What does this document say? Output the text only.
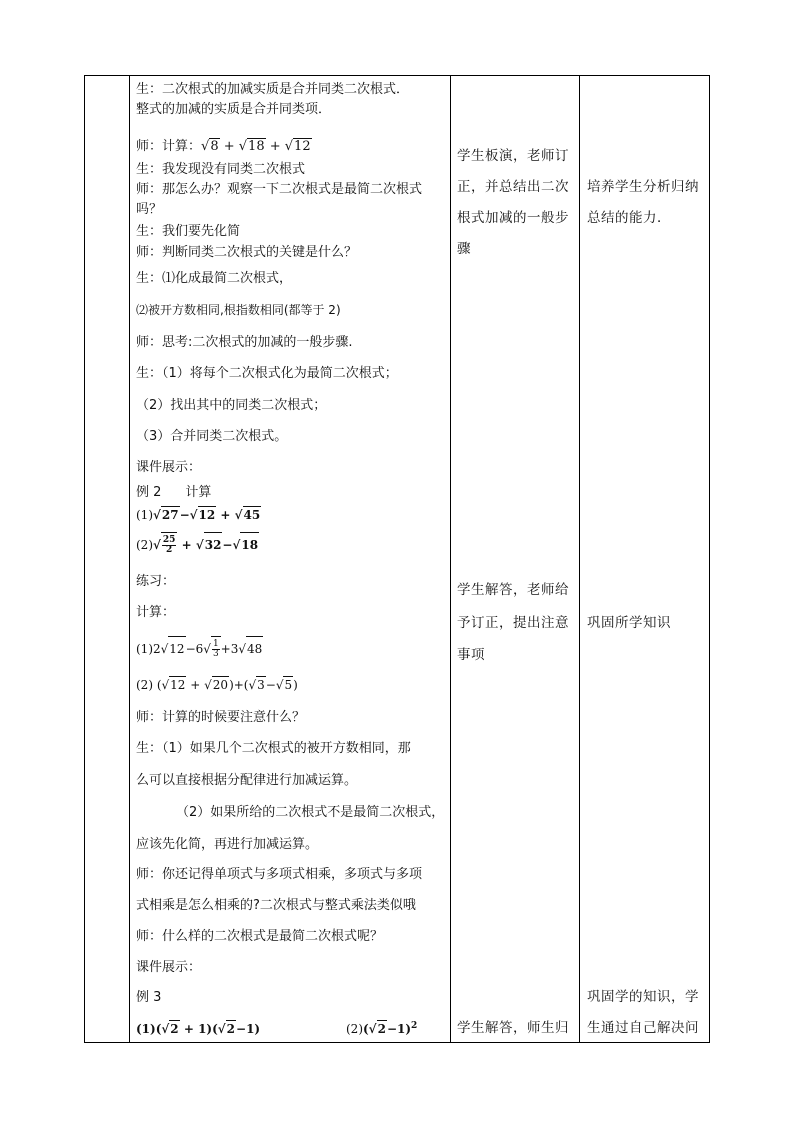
生：二次根式的加减实质是合并同类二次根式．
整式的加减的实质是合并同类项．
师：计算：√8 + √18 + √12
生：我发现没有同类二次根式
师：那怎么办？观察一下二次根式是最简二次根式
吗？
生：我们要先化简
师：判断同类二次根式的关键是什么？
生：⑴化成最简二次根式，
⑵被开方数相同,根指数相同(都等于 2)
师：思考:二次根式的加减的一般步骤.
生：（1）将每个二次根式化为最简二次根式；
（2）找出其中的同类二次根式；
（3）合并同类二次根式。
课件展示：
例 2 计算
(1)√27−√12 + √45
$(2)√ \frac{25}{2} + √32-√18$
练习：
计算：
$(1)2√12-6√ \frac{1}{3} +3√48$
(2) (√12 + √20)+(√3−√5)
师：计算的时候要注意什么？
生：（1）如果几个二次根式的被开方数相同，那
么可以直接根据分配律进行加减运算。
（2）如果所给的二次根式不是最简二次根式，
应该先化简，再进行加减运算。
师：你还记得单项式与多项式相乘，多项式与多项
式相乘是怎么相乘的?二次根式与整式乘法类似哦
师：什么样的二次根式是最简二次根式呢？
课件展示：
例 3
(1)(√2 + 1)(√2−1)	$(2)(√2-1)^2$
学生板演，老师订
正，并总结出二次
根式加减的一般步
骤
学生解答，老师给
予订正，提出注意
事项
学生解答，师生归
培养学生分析归纳
总结的能力．
巩固所学知识
巩固学的知识，学
生通过自己解决问
